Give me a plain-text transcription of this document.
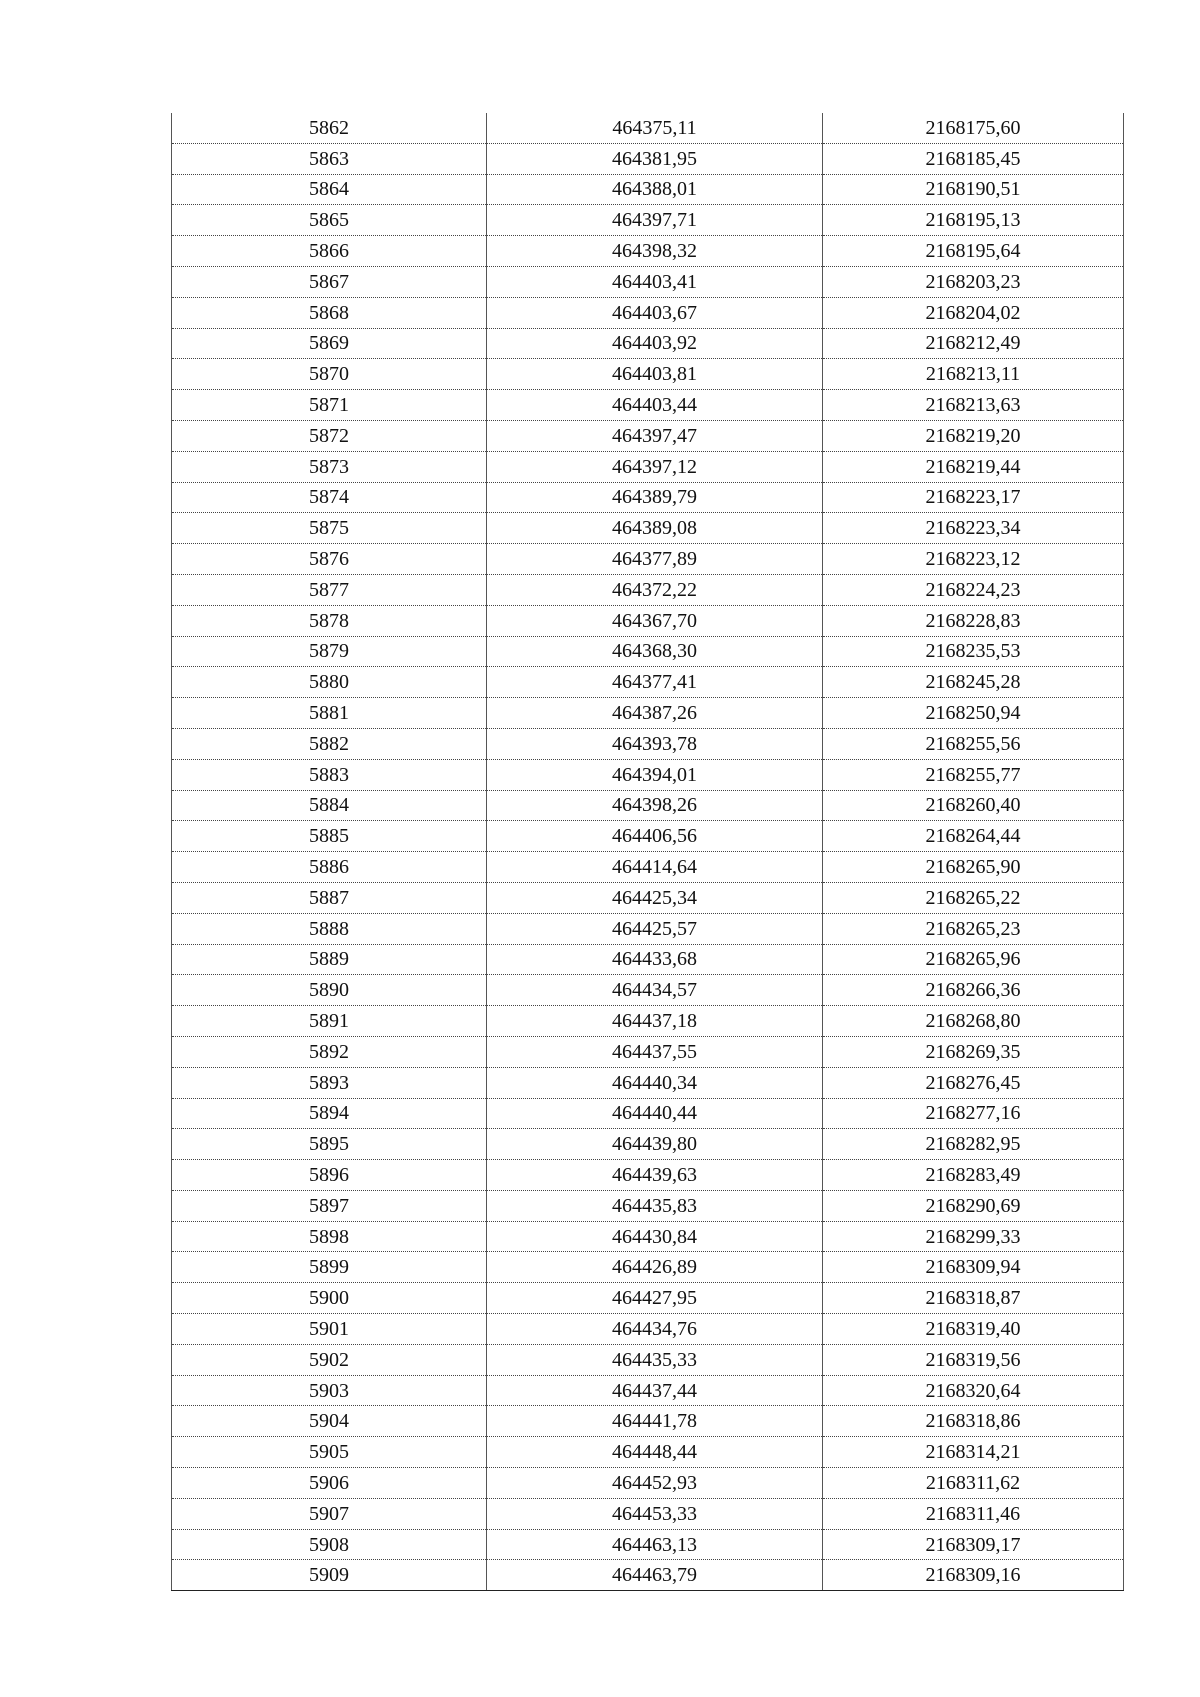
5862	464375,11	2168175,60
5863	464381,95	2168185,45
5864	464388,01	2168190,51
5865	464397,71	2168195,13
5866	464398,32	2168195,64
5867	464403,41	2168203,23
5868	464403,67	2168204,02
5869	464403,92	2168212,49
5870	464403,81	2168213,11
5871	464403,44	2168213,63
5872	464397,47	2168219,20
5873	464397,12	2168219,44
5874	464389,79	2168223,17
5875	464389,08	2168223,34
5876	464377,89	2168223,12
5877	464372,22	2168224,23
5878	464367,70	2168228,83
5879	464368,30	2168235,53
5880	464377,41	2168245,28
5881	464387,26	2168250,94
5882	464393,78	2168255,56
5883	464394,01	2168255,77
5884	464398,26	2168260,40
5885	464406,56	2168264,44
5886	464414,64	2168265,90
5887	464425,34	2168265,22
5888	464425,57	2168265,23
5889	464433,68	2168265,96
5890	464434,57	2168266,36
5891	464437,18	2168268,80
5892	464437,55	2168269,35
5893	464440,34	2168276,45
5894	464440,44	2168277,16
5895	464439,80	2168282,95
5896	464439,63	2168283,49
5897	464435,83	2168290,69
5898	464430,84	2168299,33
5899	464426,89	2168309,94
5900	464427,95	2168318,87
5901	464434,76	2168319,40
5902	464435,33	2168319,56
5903	464437,44	2168320,64
5904	464441,78	2168318,86
5905	464448,44	2168314,21
5906	464452,93	2168311,62
5907	464453,33	2168311,46
5908	464463,13	2168309,17
5909	464463,79	2168309,16
